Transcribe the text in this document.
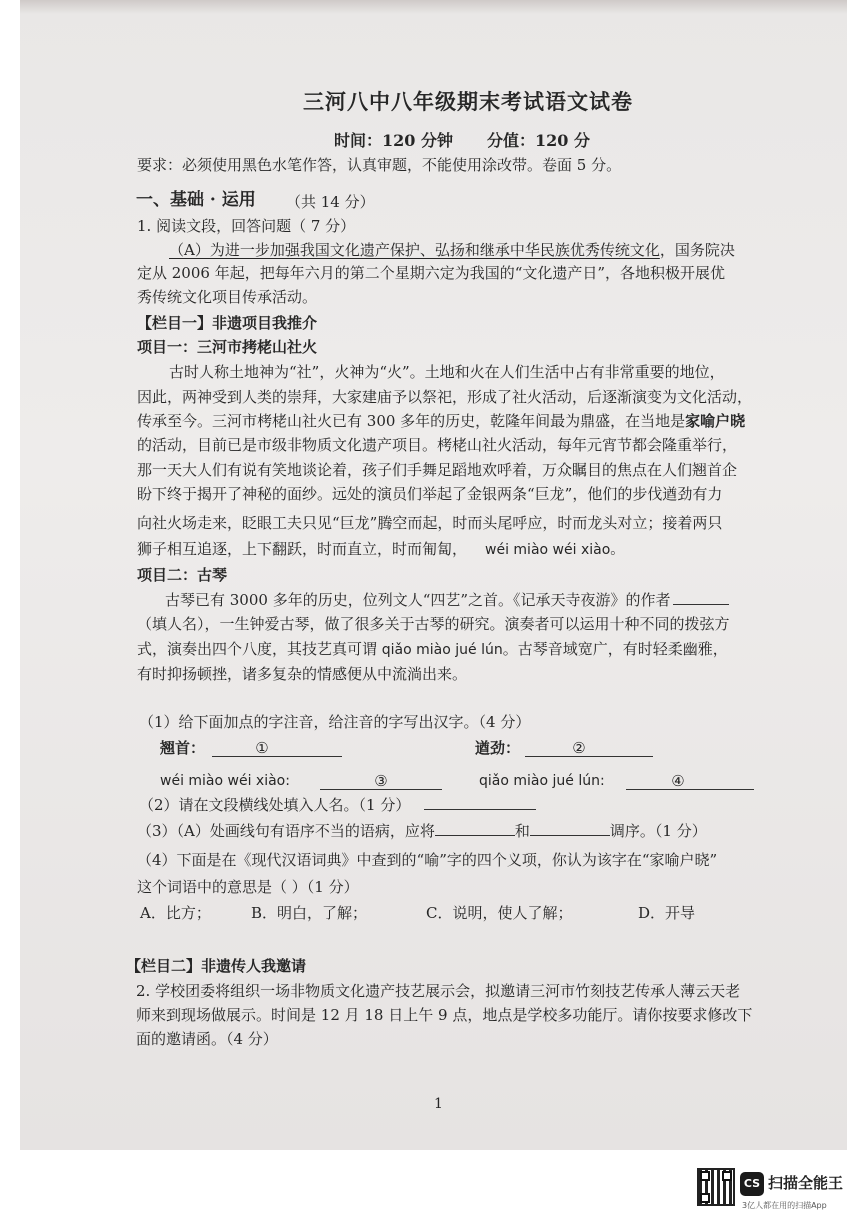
三河八中八年级期末考试语文试卷
时间：120 分钟 分值：120 分
要求：必须使用黑色水笔作答，认真审题，不能使用涂改带。卷面 5 分。
一、基础 · 运用 （共 14 分）
1. 阅读文段，回答问题（ 7 分）
（A）为进一步加强我国文化遗产保护、弘扬和继承中华民族优秀传统文化，国务院决
定从 2006 年起，把每年六月的第二个星期六定为我国的“文化遗产日”，各地积极开展优
秀传统文化项目传承活动。
【栏目一】非遗项目我推介
项目一：三河市拷栳山社火
古时人称土地神为“社”，火神为“火”。土地和火在人们生活中占有非常重要的地位，
因此，两神受到人类的崇拜，大家建庙予以祭祀，形成了社火活动，后逐渐演变为文化活动，
传承至今。三河市栲栳山社火已有 300 多年的历史，乾隆年间最为鼎盛，在当地是家喻户晓
的活动，目前已是市级非物质文化遗产项目。栲栳山社火活动，每年元宵节都会隆重举行，
那一天大人们有说有笑地谈论着，孩子们手舞足蹈地欢呼着，万众瞩目的焦点在人们翘首企
盼下终于揭开了神秘的面纱。远处的演员们举起了金银两条“巨龙”，他们的步伐遒劲有力
向社火场走来，眨眼工夫只见“巨龙”腾空而起，时而头尾呼应，时而龙头对立；接着两只
狮子相互追逐，上下翻跃，时而直立，时而匍匐， wéi miào wéi xiào。
项目二：古琴
古琴已有 3000 多年的历史，位列文人“四艺”之首。《记承天寺夜游》的作者
（填人名），一生钟爱古琴，做了很多关于古琴的研究。演奏者可以运用十种不同的拨弦方
式，演奏出四个八度，其技艺真可谓 qiǎo miào jué lún。古琴音域宽广，有时轻柔幽雅，
有时抑扬顿挫，诸多复杂的情感便从中流淌出来。
（1）给下面加点的字注音，给注音的字写出汉字。（4 分）
翘首：	①	遒劲：	②
wéi miào wéi xiào:	③	qiǎo miào jué lún:	④
（2）请在文段横线处填入人名。（1 分）
（3）（A）处画线句有语序不当的语病，应将	和	调序。（1 分）
（4）下面是在《现代汉语词典》中查到的“喻”字的四个义项，你认为该字在“家喻户晓”
这个词语中的意思是（ ）（1 分）
A．比方；	B．明白，了解；	C．说明，使人了解；	D．开导
【栏目二】非遗传人我邀请
2. 学校团委将组织一场非物质文化遗产技艺展示会，拟邀请三河市竹刻技艺传承人薄云天老
师来到现场做展示。时间是 12 月 18 日上午 9 点，地点是学校多功能厅。请你按要求修改下
面的邀请函。（4 分）
1
CS 扫描全能王
3亿人都在用的扫描App
